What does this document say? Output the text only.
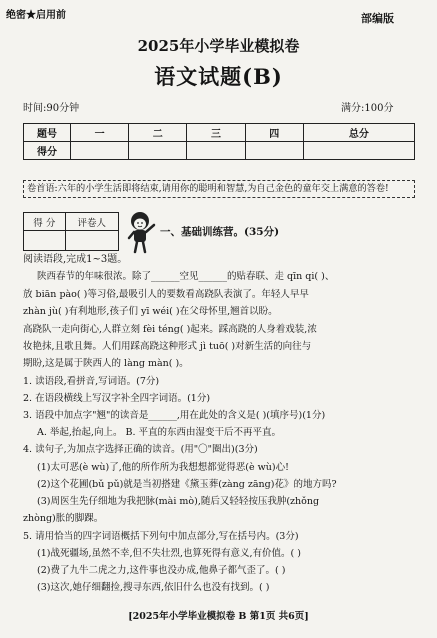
绝密★启用前	部编版
2025年小学毕业模拟卷
语文试题(B)
时间:90分钟	满分:100分
题号	一	二	三	四	总分
得分					
卷首语:六年的小学生活即将结束,请用你的聪明和智慧,为自己金色的童年交上满意的答卷!
得 分	评卷人

一、基础训练营。(35分)
阅读语段,完成1~3题。
陕西春节的年味很浓。除了______空见______的贴春联、走 qīn qi( )、
放 biān pào( )等习俗,最吸引人的要数看高跷队表演了。年轻人早早
zhàn jù( )有利地形,孩子们 yī wéi( )在父母怀里,翘首以盼。
高跷队一走向街心,人群立刻 fèi téng( )起来。踩高跷的人身着戏装,浓
妆艳抹,且歌且舞。人们用踩高跷这种形式 jì tuō( )对新生活的向往与
期盼,这是属于陕西人的 làng màn( )。
1. 读语段,看拼音,写词语。(7分)
2. 在语段横线上写汉字补全四字词语。(1分)
3. 语段中加点字"翘"的读音是______,用在此处的含义是( )(填序号)(1分)
A. 举起,抬起,向上。 B. 平直的东西由湿变干后不再平直。
4. 读句子,为加点字选择正确的读音。(用"〇"圈出)(3分)
(1)太可恶(è wù)了,他的所作所为我想想都觉得恶(è wù)心!
(2)这个花圃(bǔ pǔ)就是当初搭建《黛玉葬(zàng zāng)花》的地方吗?
(3)周医生先仔细地为我把脉(mài mò),随后又轻轻按压我肿(zhǒng
zhòng)胀的脚踝。
5. 请用恰当的四字词语概括下列句中加点部分,写在括号内。(3分)
(1)战死疆场,虽然不幸,但不失壮烈,也算死得有意义,有价值。( )
(2)费了九牛二虎之力,这件事也没办成,他鼻子都气歪了。( )
(3)这次,她仔细翻捡,搜寻东西,依旧什么也没有找到。( )
[2025年小学毕业模拟卷 B 第1页 共6页]
